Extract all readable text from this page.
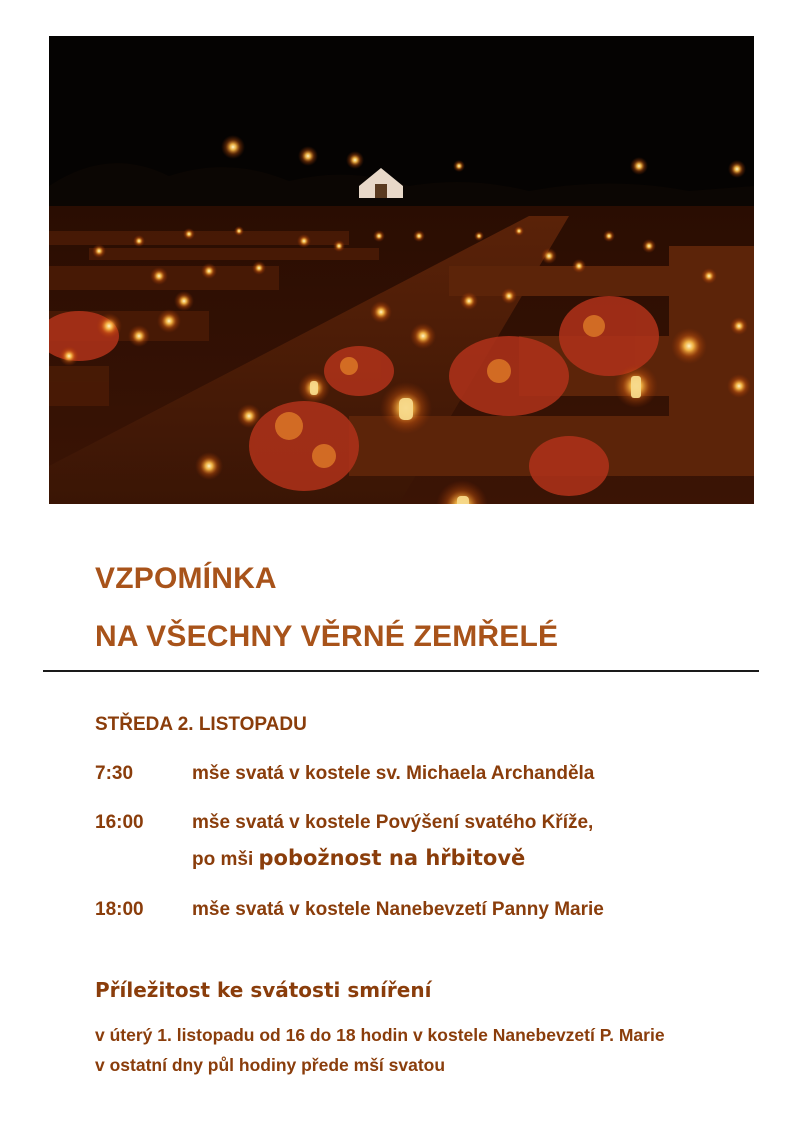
VZPOMÍNKA
NA VŠECHNY VĚRNÉ ZEMŘELÉ
STŘEDA 2. LISTOPADU
7:30	mše svatá v kostele sv. Michaela Archanděla
16:00	mše svatá v kostele Povýšení svatého Kříže,
po mši pobožnost na hřbitově
18:00	mše svatá v kostele Nanebevzetí Panny Marie
Příležitost ke svátosti smíření
v úterý 1. listopadu od 16 do 18 hodin v kostele Nanebevzetí P. Marie
v ostatní dny půl hodiny přede mší svatou
